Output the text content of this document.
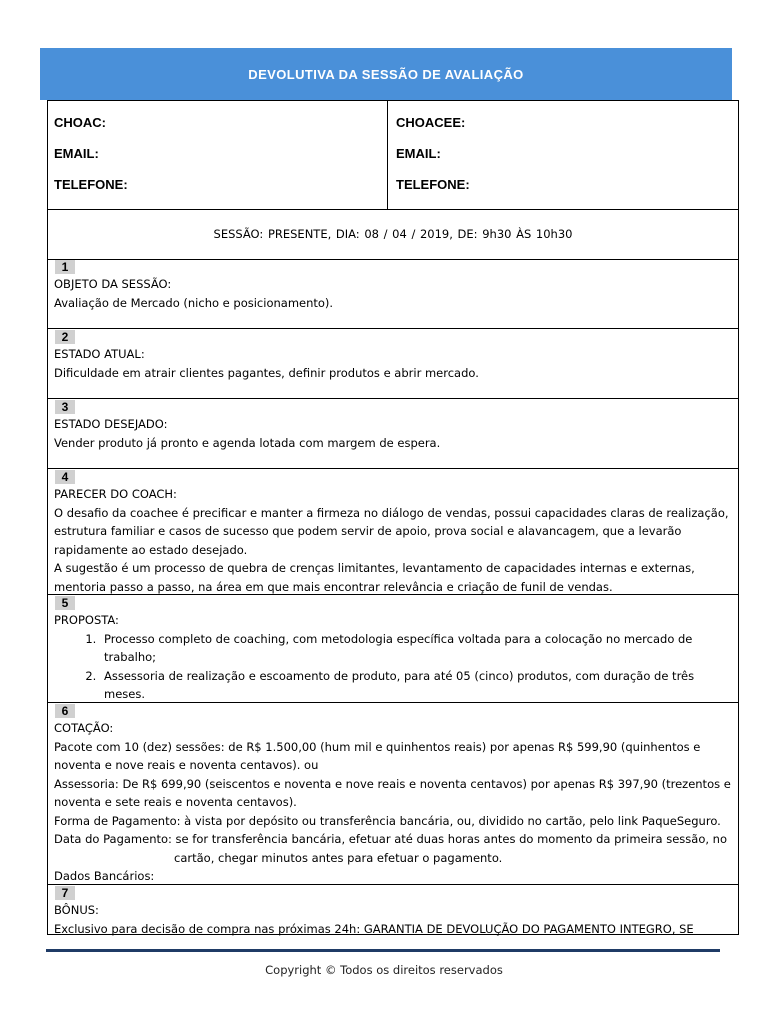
DEVOLUTIVA DA SESSÃO DE AVALIAÇÃO
CHOAC:
EMAIL:
TELEFONE:
CHOACEE:
EMAIL:
TELEFONE:
SESSÃO: PRESENTE, DIA: 08 / 04 / 2019, DE: 9h30 ÀS 10h30
1
OBJETO DA SESSÃO:

Avaliação de Mercado (nicho e posicionamento).

2
ESTADO ATUAL:

Dificuldade em atrair clientes pagantes, definir produtos e abrir mercado.

3
ESTADO DESEJADO:

Vender produto já pronto e agenda lotada com margem de espera.

4
PARECER DO COACH:

O desafio da coachee é precificar e manter a firmeza no diálogo de vendas, possui capacidades claras de realização, estrutura familiar e casos de sucesso que podem servir de apoio, prova social e alavancagem, que a levarão rapidamente ao estado desejado.

A sugestão é um processo de quebra de crenças limitantes, levantamento de capacidades internas e externas, mentoria passo a passo, na área em que mais encontrar relevância e criação de funil de vendas.

5
PROPOSTA:
1. Processo completo de coaching, com metodologia específica voltada para a colocação no mercado de trabalho;
2. Assessoria de realização e escoamento de produto, para até 05 (cinco) produtos, com duração de três meses.
6
COTAÇÃO:

Pacote com 10 (dez) sessões: de R$ 1.500,00 (hum mil e quinhentos reais) por apenas R$ 599,90 (quinhentos e noventa e nove reais e noventa centavos). ou

Assessoria: De R$ 699,90 (seiscentos e noventa e nove reais e noventa centavos) por apenas R$ 397,90 (trezentos e noventa e sete reais e noventa centavos).

Forma de Pagamento: à vista por depósito ou transferência bancária, ou, dividido no cartão, pelo link PaqueSeguro.

Data do Pagamento: se for transferência bancária, efetuar até duas horas antes do momento da primeira sessão, no

cartão, chegar minutos antes para efetuar o pagamento.

Dados Bancários:

7
BÔNUS:

Exclusivo para decisão de compra nas próximas 24h: GARANTIA DE DEVOLUÇÃO DO PAGAMENTO INTEGRO, SE

Copyright © Todos os direitos reservados
